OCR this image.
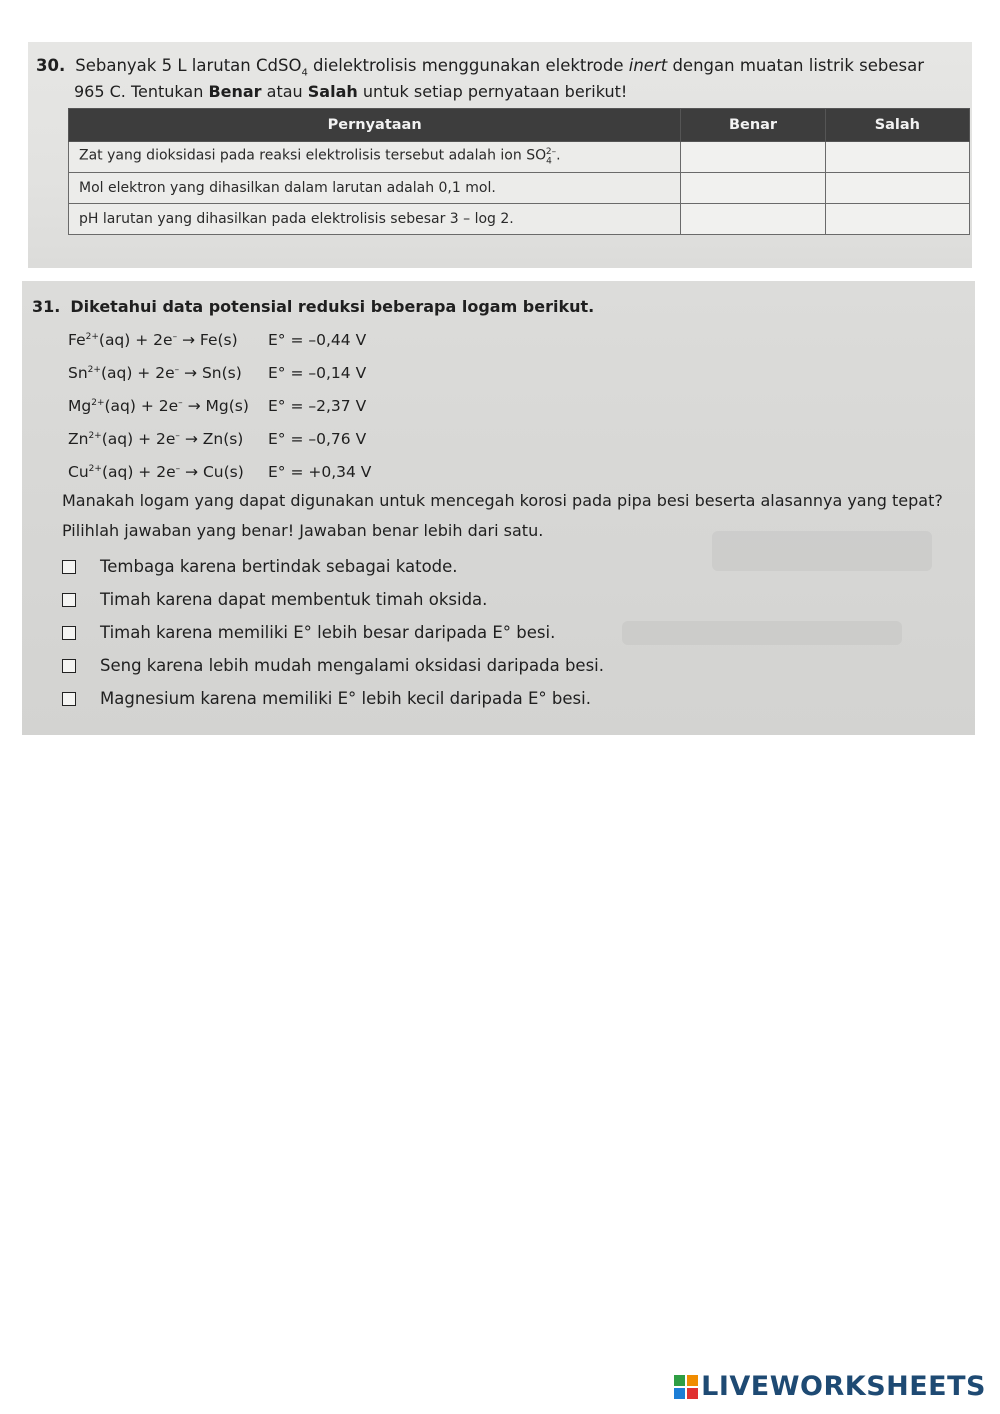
30. Sebanyak 5 L larutan CdSO$_4$ dielektrolisis menggunakan elektrode inert dengan muatan listrik sebesar
965 C. Tentukan Benar atau Salah untuk setiap pernyataan berikut!
Pernyataan	Benar	Salah
Zat yang dioksidasi pada reaksi elektrolisis tersebut adalah ion $SO_4^{2-}$.		
Mol elektron yang dihasilkan dalam larutan adalah 0,1 mol.		
pH larutan yang dihasilkan pada elektrolisis sebesar 3 – log 2.		
31. Diketahui data potensial reduksi beberapa logam berikut.
$Fe^{2+}(aq) + 2e^- \to Fe(s) E^\circ = -0,44$ V
$Sn^{2+}(aq) + 2e^- \to Sn(s) E^\circ = -0,14$ V
$Mg^{2+}(aq) + 2e^- \to Mg(s) E^\circ = -2,37$ V
$Zn^{2+}(aq) + 2e^- \to Zn(s) E^\circ = -0,76$ V
$Cu^{2+}(aq) + 2e^- \to Cu(s) E^\circ = +0,34$ V
Manakah logam yang dapat digunakan untuk mencegah korosi pada pipa besi beserta alasannya yang tepat?
Pilihlah jawaban yang benar! Jawaban benar lebih dari satu.
Tembaga karena bertindak sebagai katode.
Timah karena dapat membentuk timah oksida.
Timah karena memiliki E° lebih besar daripada E° besi.
Seng karena lebih mudah mengalami oksidasi daripada besi.
Magnesium karena memiliki E° lebih kecil daripada E° besi.
LIVEWORKSHEETS
